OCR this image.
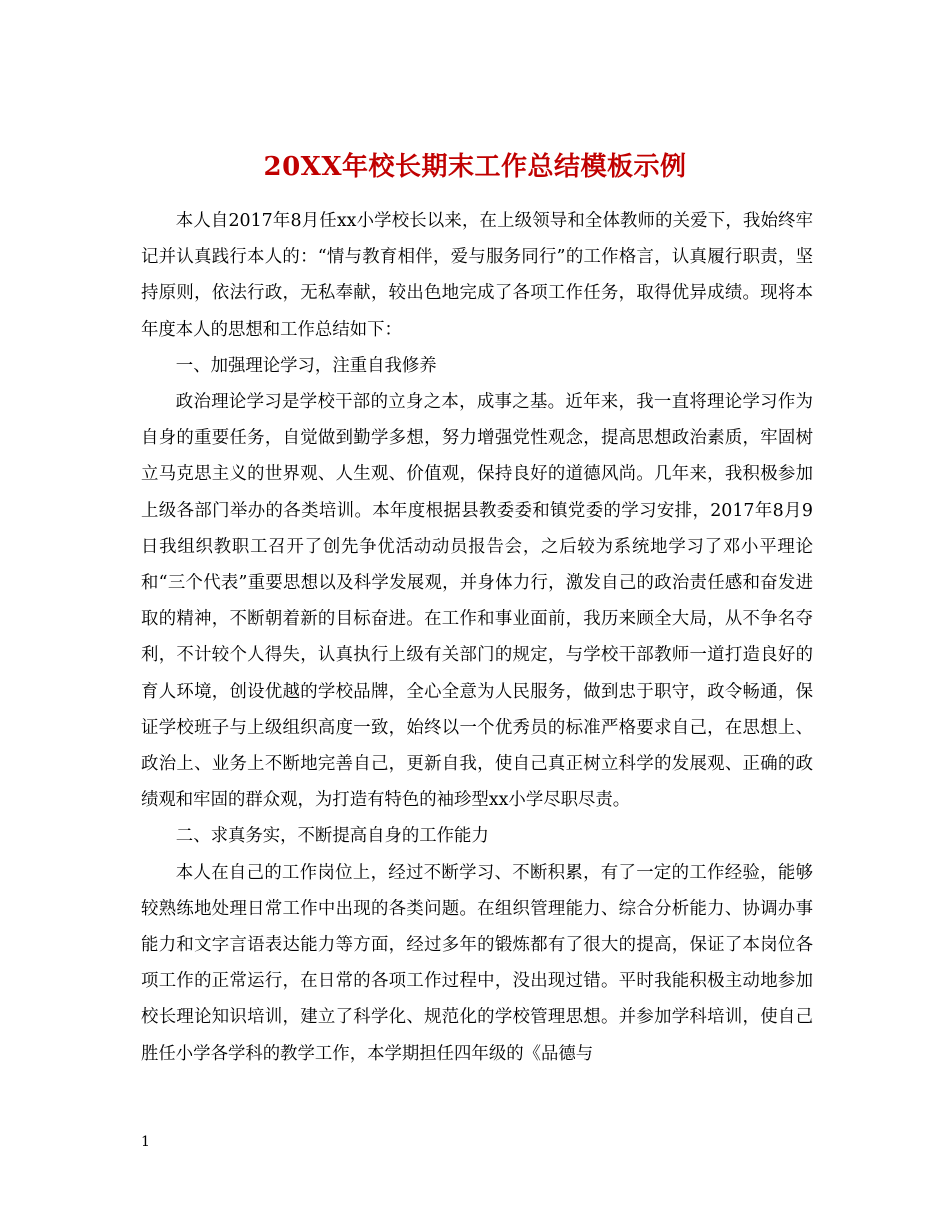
20XX年校长期末工作总结模板示例

本人自2017年8月任xx小学校长以来，在上级领导和全体教师的关爱下，我始终牢记并认真践行本人的：“情与教育相伴，爱与服务同行”的工作格言，认真履行职责，坚持原则，依法行政，无私奉献，较出色地完成了各项工作任务，取得优异成绩。现将本年度本人的思想和工作总结如下：

一、加强理论学习，注重自我修养

政治理论学习是学校干部的立身之本，成事之基。近年来，我一直将理论学习作为自身的重要任务，自觉做到勤学多想，努力增强党性观念，提高思想政治素质，牢固树立马克思主义的世界观、人生观、价值观，保持良好的道德风尚。几年来，我积极参加上级各部门举办的各类培训。本年度根据县教委委和镇党委的学习安排，2017年8月9日我组织教职工召开了创先争优活动动员报告会，之后较为系统地学习了邓小平理论和“三个代表”重要思想以及科学发展观，并身体力行，激发自己的政治责任感和奋发进取的精神，不断朝着新的目标奋进。在工作和事业面前，我历来顾全大局，从不争名夺利，不计较个人得失，认真执行上级有关部门的规定，与学校干部教师一道打造良好的育人环境，创设优越的学校品牌，全心全意为人民服务，做到忠于职守，政令畅通，保证学校班子与上级组织高度一致，始终以一个优秀员的标准严格要求自己，在思想上、政治上、业务上不断地完善自己，更新自我，使自己真正树立科学的发展观、正确的政绩观和牢固的群众观，为打造有特色的袖珍型xx小学尽职尽责。

二、求真务实，不断提高自身的工作能力

本人在自己的工作岗位上，经过不断学习、不断积累，有了一定的工作经验，能够较熟练地处理日常工作中出现的各类问题。在组织管理能力、综合分析能力、协调办事能力和文字言语表达能力等方面，经过多年的锻炼都有了很大的提高，保证了本岗位各项工作的正常运行，在日常的各项工作过程中，没出现过错。平时我能积极主动地参加校长理论知识培训，建立了科学化、规范化的学校管理思想。并参加学科培训，使自己胜任小学各学科的教学工作，本学期担任四年级的《品德与

1
